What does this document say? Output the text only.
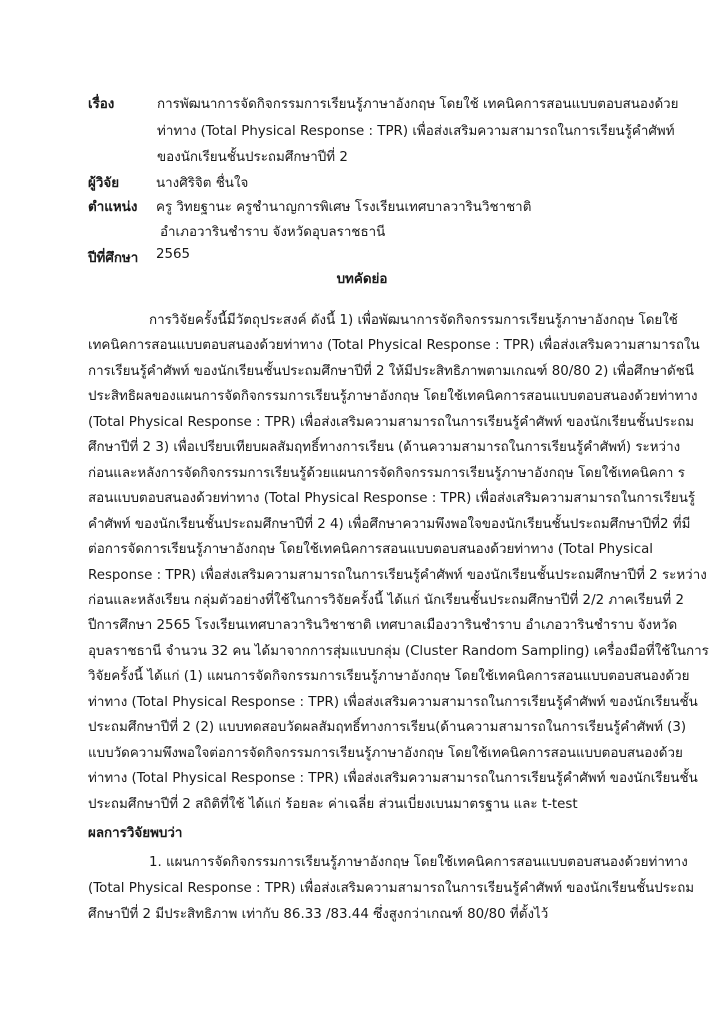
เรื่อง	การพัฒนาการจัดกิจกรรมการเรียนรู้ภาษาอังกฤษ โดยใช้ เทคนิคการสอนแบบตอบสนองด้วย
ท่าทาง (Total Physical Response : TPR) เพื่อส่งเสริมความสามารถในการเรียนรู้คำศัพท์
ของนักเรียนชั้นประถมศึกษาปีที่ 2
ผู้วิจัย	นางศิริจิต ชื่นใจ
ตำแหน่ง	ครู วิทยฐานะ ครูชำนาญการพิเศษ โรงเรียนเทศบาลวารินวิชาชาติ
อำเภอวารินชำราบ จังหวัดอุบลราชธานี
ปีที่ศึกษา	2565
บทคัดย่อ
การวิจัยครั้งนี้มีวัตถุประสงค์ ดังนี้ 1) เพื่อพัฒนาการจัดกิจกรรมการเรียนรู้ภาษาอังกฤษ โดยใช้
เทคนิคการสอนแบบตอบสนองด้วยท่าทาง (Total Physical Response : TPR) เพื่อส่งเสริมความสามารถใน
การเรียนรู้คำศัพท์ ของนักเรียนชั้นประถมศึกษาปีที่ 2 ให้มีประสิทธิภาพตามเกณฑ์ 80/80 2) เพื่อศึกษาดัชนี
ประสิทธิผลของแผนการจัดกิจกรรมการเรียนรู้ภาษาอังกฤษ โดยใช้เทคนิคการสอนแบบตอบสนองด้วยท่าทาง
(Total Physical Response : TPR) เพื่อส่งเสริมความสามารถในการเรียนรู้คำศัพท์ ของนักเรียนชั้นประถม
ศึกษาปีที่ 2 3) เพื่อเปรียบเทียบผลสัมฤทธิ์ทางการเรียน (ด้านความสามารถในการเรียนรู้คำศัพท์) ระหว่าง
ก่อนและหลังการจัดกิจกรรมการเรียนรู้ด้วยแผนการจัดกิจกรรมการเรียนรู้ภาษาอังกฤษ โดยใช้เทคนิคกา ร
สอนแบบตอบสนองด้วยท่าทาง (Total Physical Response : TPR) เพื่อส่งเสริมความสามารถในการเรียนรู้
คำศัพท์ ของนักเรียนชั้นประถมศึกษาปีที่ 2 4) เพื่อศึกษาความพึงพอใจของนักเรียนชั้นประถมศึกษาปีที่2 ที่มี
ต่อการจัดการเรียนรู้ภาษาอังกฤษ โดยใช้เทคนิคการสอนแบบตอบสนองด้วยท่าทาง (Total Physical
Response : TPR) เพื่อส่งเสริมความสามารถในการเรียนรู้คำศัพท์ ของนักเรียนชั้นประถมศึกษาปีที่ 2 ระหว่าง
ก่อนและหลังเรียน กลุ่มตัวอย่างที่ใช้ในการวิจัยครั้งนี้ ได้แก่ นักเรียนชั้นประถมศึกษาปีที่ 2/2 ภาคเรียนที่ 2
ปีการศึกษา 2565 โรงเรียนเทศบาลวารินวิชาชาติ เทศบาลเมืองวารินชำราบ อำเภอวารินชำราบ จังหวัด
อุบลราชธานี จำนวน 32 คน ได้มาจากการสุ่มแบบกลุ่ม (Cluster Random Sampling) เครื่องมือที่ใช้ในการ
วิจัยครั้งนี้ ได้แก่ (1) แผนการจัดกิจกรรมการเรียนรู้ภาษาอังกฤษ โดยใช้เทคนิคการสอนแบบตอบสนองด้วย
ท่าทาง (Total Physical Response : TPR) เพื่อส่งเสริมความสามารถในการเรียนรู้คำศัพท์ ของนักเรียนชั้น
ประถมศึกษาปีที่ 2 (2) แบบทดสอบวัดผลสัมฤทธิ์ทางการเรียน(ด้านความสามารถในการเรียนรู้คำศัพท์ (3)
แบบวัดความพึงพอใจต่อการจัดกิจกรรมการเรียนรู้ภาษาอังกฤษ โดยใช้เทคนิคการสอนแบบตอบสนองด้วย
ท่าทาง (Total Physical Response : TPR) เพื่อส่งเสริมความสามารถในการเรียนรู้คำศัพท์ ของนักเรียนชั้น
ประถมศึกษาปีที่ 2 สถิติที่ใช้ ได้แก่ ร้อยละ ค่าเฉลี่ย ส่วนเบี่ยงเบนมาตรฐาน และ t-test
ผลการวิจัยพบว่า
1. แผนการจัดกิจกรรมการเรียนรู้ภาษาอังกฤษ โดยใช้เทคนิคการสอนแบบตอบสนองด้วยท่าทาง
(Total Physical Response : TPR) เพื่อส่งเสริมความสามารถในการเรียนรู้คำศัพท์ ของนักเรียนชั้นประถม
ศึกษาปีที่ 2 มีประสิทธิภาพ เท่ากับ 86.33 /83.44 ซึ่งสูงกว่าเกณฑ์ 80/80 ที่ตั้งไว้
